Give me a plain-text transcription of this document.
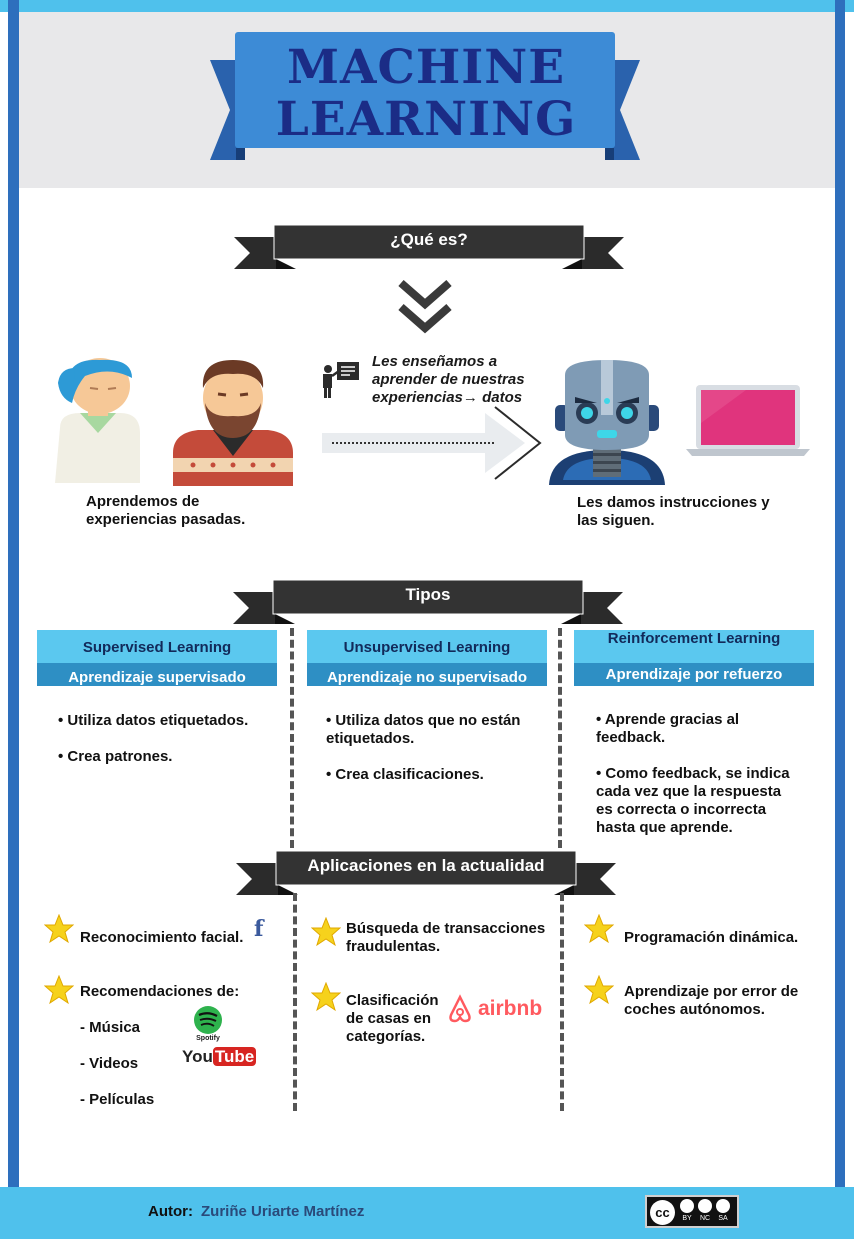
MACHINE
LEARNING
¿Qué es?
Aprendemos de experiencias pasadas.
Les enseñamos a
aprender de nuestras
experiencias→ datos
Les damos instrucciones y
las siguen.
Tipos
Supervised Learning
Aprendizaje supervisado
• Utiliza datos etiquetados.
• Crea patrones.
Unsupervised Learning
Aprendizaje no supervisado
• Utiliza datos que no están etiquetados.
• Crea clasificaciones.
Reinforcement Learning
Aprendizaje por refuerzo
• Aprende gracias al feedback.
• Como feedback, se indica cada vez que la respuesta es correcta o incorrecta hasta que aprende.
Aplicaciones en la actualidad
Reconocimiento facial. f
Recomendaciones de:
- Música
- Videos
- Películas
Spotify
You Tube
Búsqueda de transacciones fraudulentas.
Clasificación de casas en categorías.
airbnb
Programación dinámica.
Aprendizaje por error de coches autónomos.
Autor: Zuriñe Uriarte Martínez	cc	BY	NC	SA
